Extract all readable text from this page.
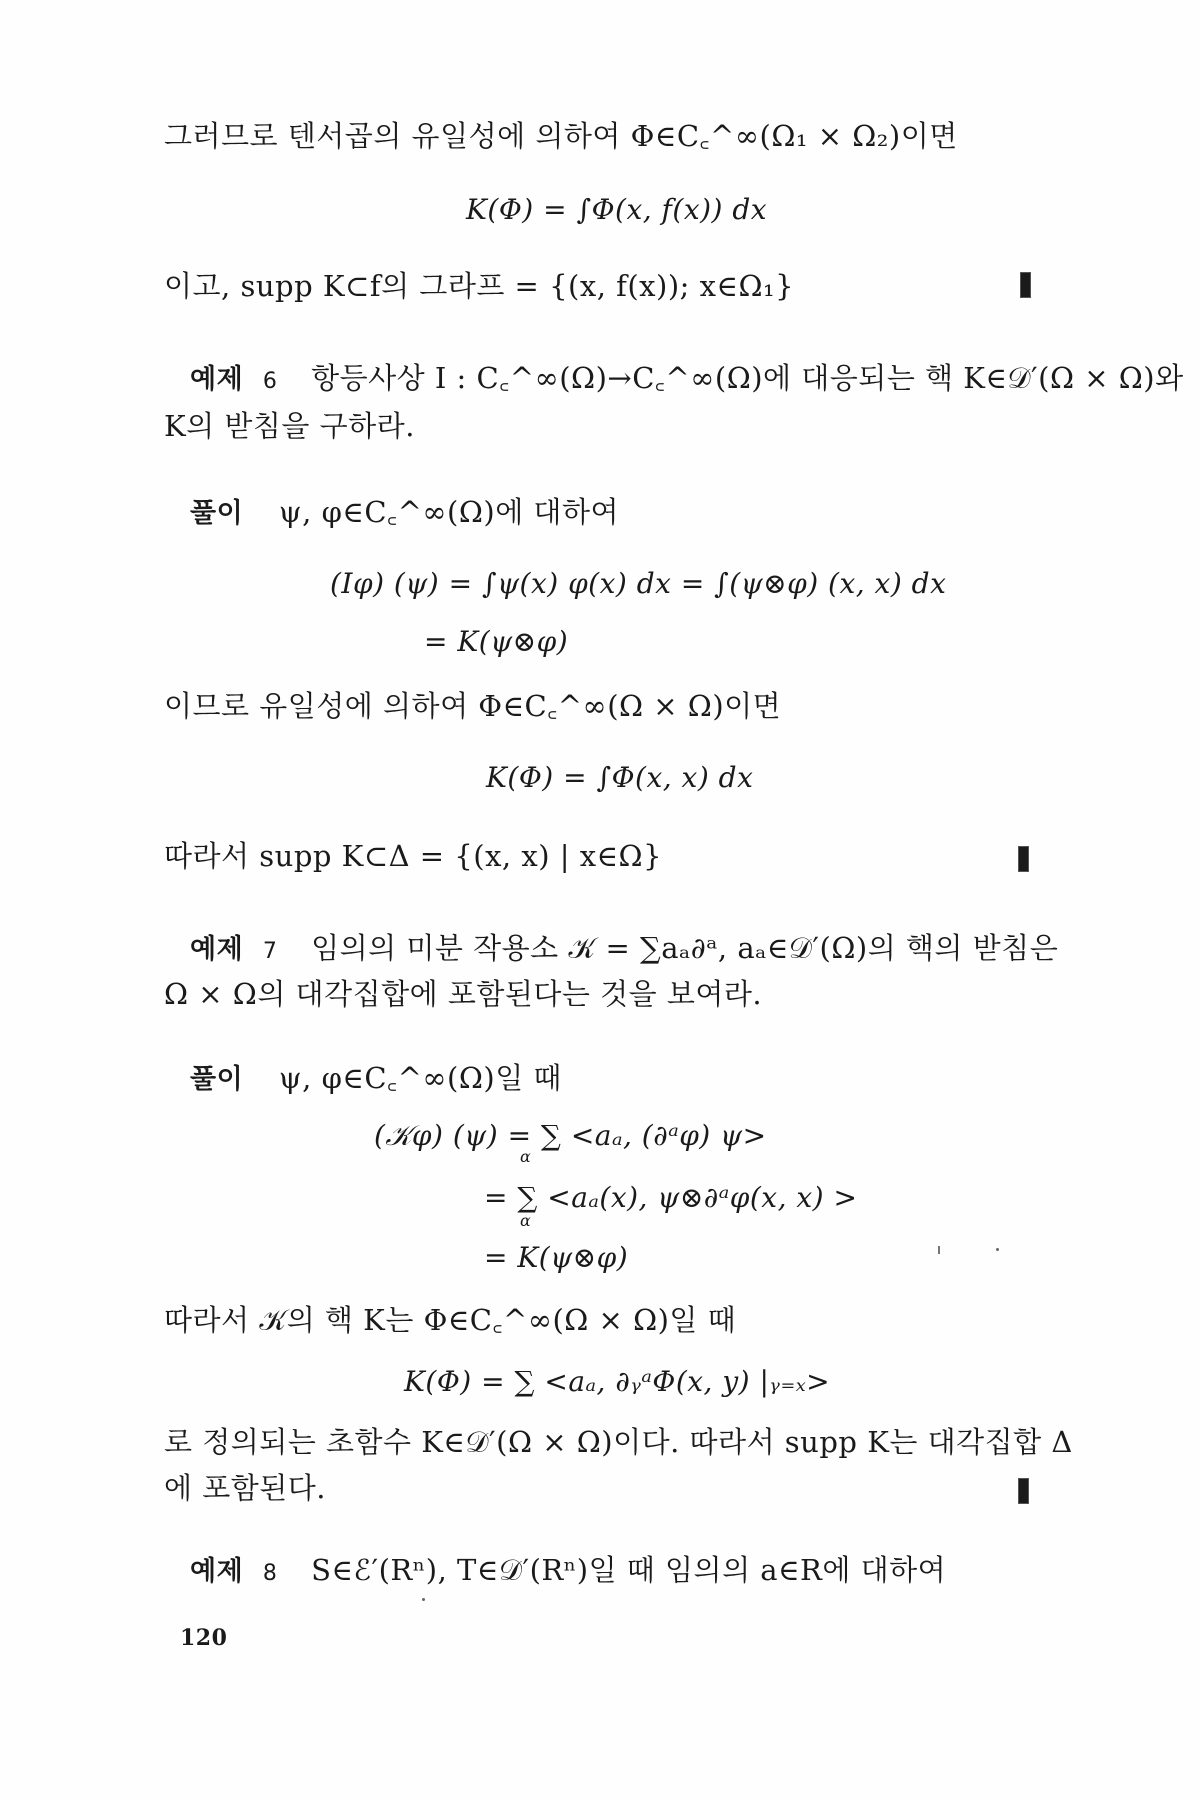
그러므로 텐서곱의 유일성에 의하여 Φ∈C꜀^∞(Ω₁ × Ω₂)이면
K(Φ) = ∫Φ(x, f(x)) dx
이고, supp K⊂f의 그라프 = {(x, f(x)); x∈Ω₁}
예제 6 항등사상 I : C꜀^∞(Ω)→C꜀^∞(Ω)에 대응되는 핵 K∈𝒟′(Ω × Ω)와
K의 받침을 구하라.
풀이 ψ, φ∈C꜀^∞(Ω)에 대하여
(Iφ) (ψ) = ∫ψ(x) φ(x) dx = ∫(ψ⊗φ) (x, x) dx
= K(ψ⊗φ)
이므로 유일성에 의하여 Φ∈C꜀^∞(Ω × Ω)이면
K(Φ) = ∫Φ(x, x) dx
따라서 supp K⊂Δ = {(x, x) | x∈Ω}
예제 7 임의의 미분 작용소 𝒦 = ∑aₐ∂ᵃ, aₐ∈𝒟′(Ω)의 핵의 받침은
Ω × Ω의 대각집합에 포함된다는 것을 보여라.
풀이 ψ, φ∈C꜀^∞(Ω)일 때
(𝒦φ) (ψ) = ∑ <aₐ, (∂ᵃφ) ψ>
α
= ∑ <aₐ(x), ψ⊗∂ᵃφ(x, x) >
α
= K(ψ⊗φ)
따라서 𝒦의 핵 K는 Φ∈C꜀^∞(Ω × Ω)일 때
K(Φ) = ∑ <aₐ, ∂ᵧᵃΦ(x, y) |ᵧ₌ₓ>
로 정의되는 초함수 K∈𝒟′(Ω × Ω)이다. 따라서 supp K는 대각집합 Δ
에 포함된다.
예제 8 S∈ℰ′(Rⁿ), T∈𝒟′(Rⁿ)일 때 임의의 a∈R에 대하여
120
